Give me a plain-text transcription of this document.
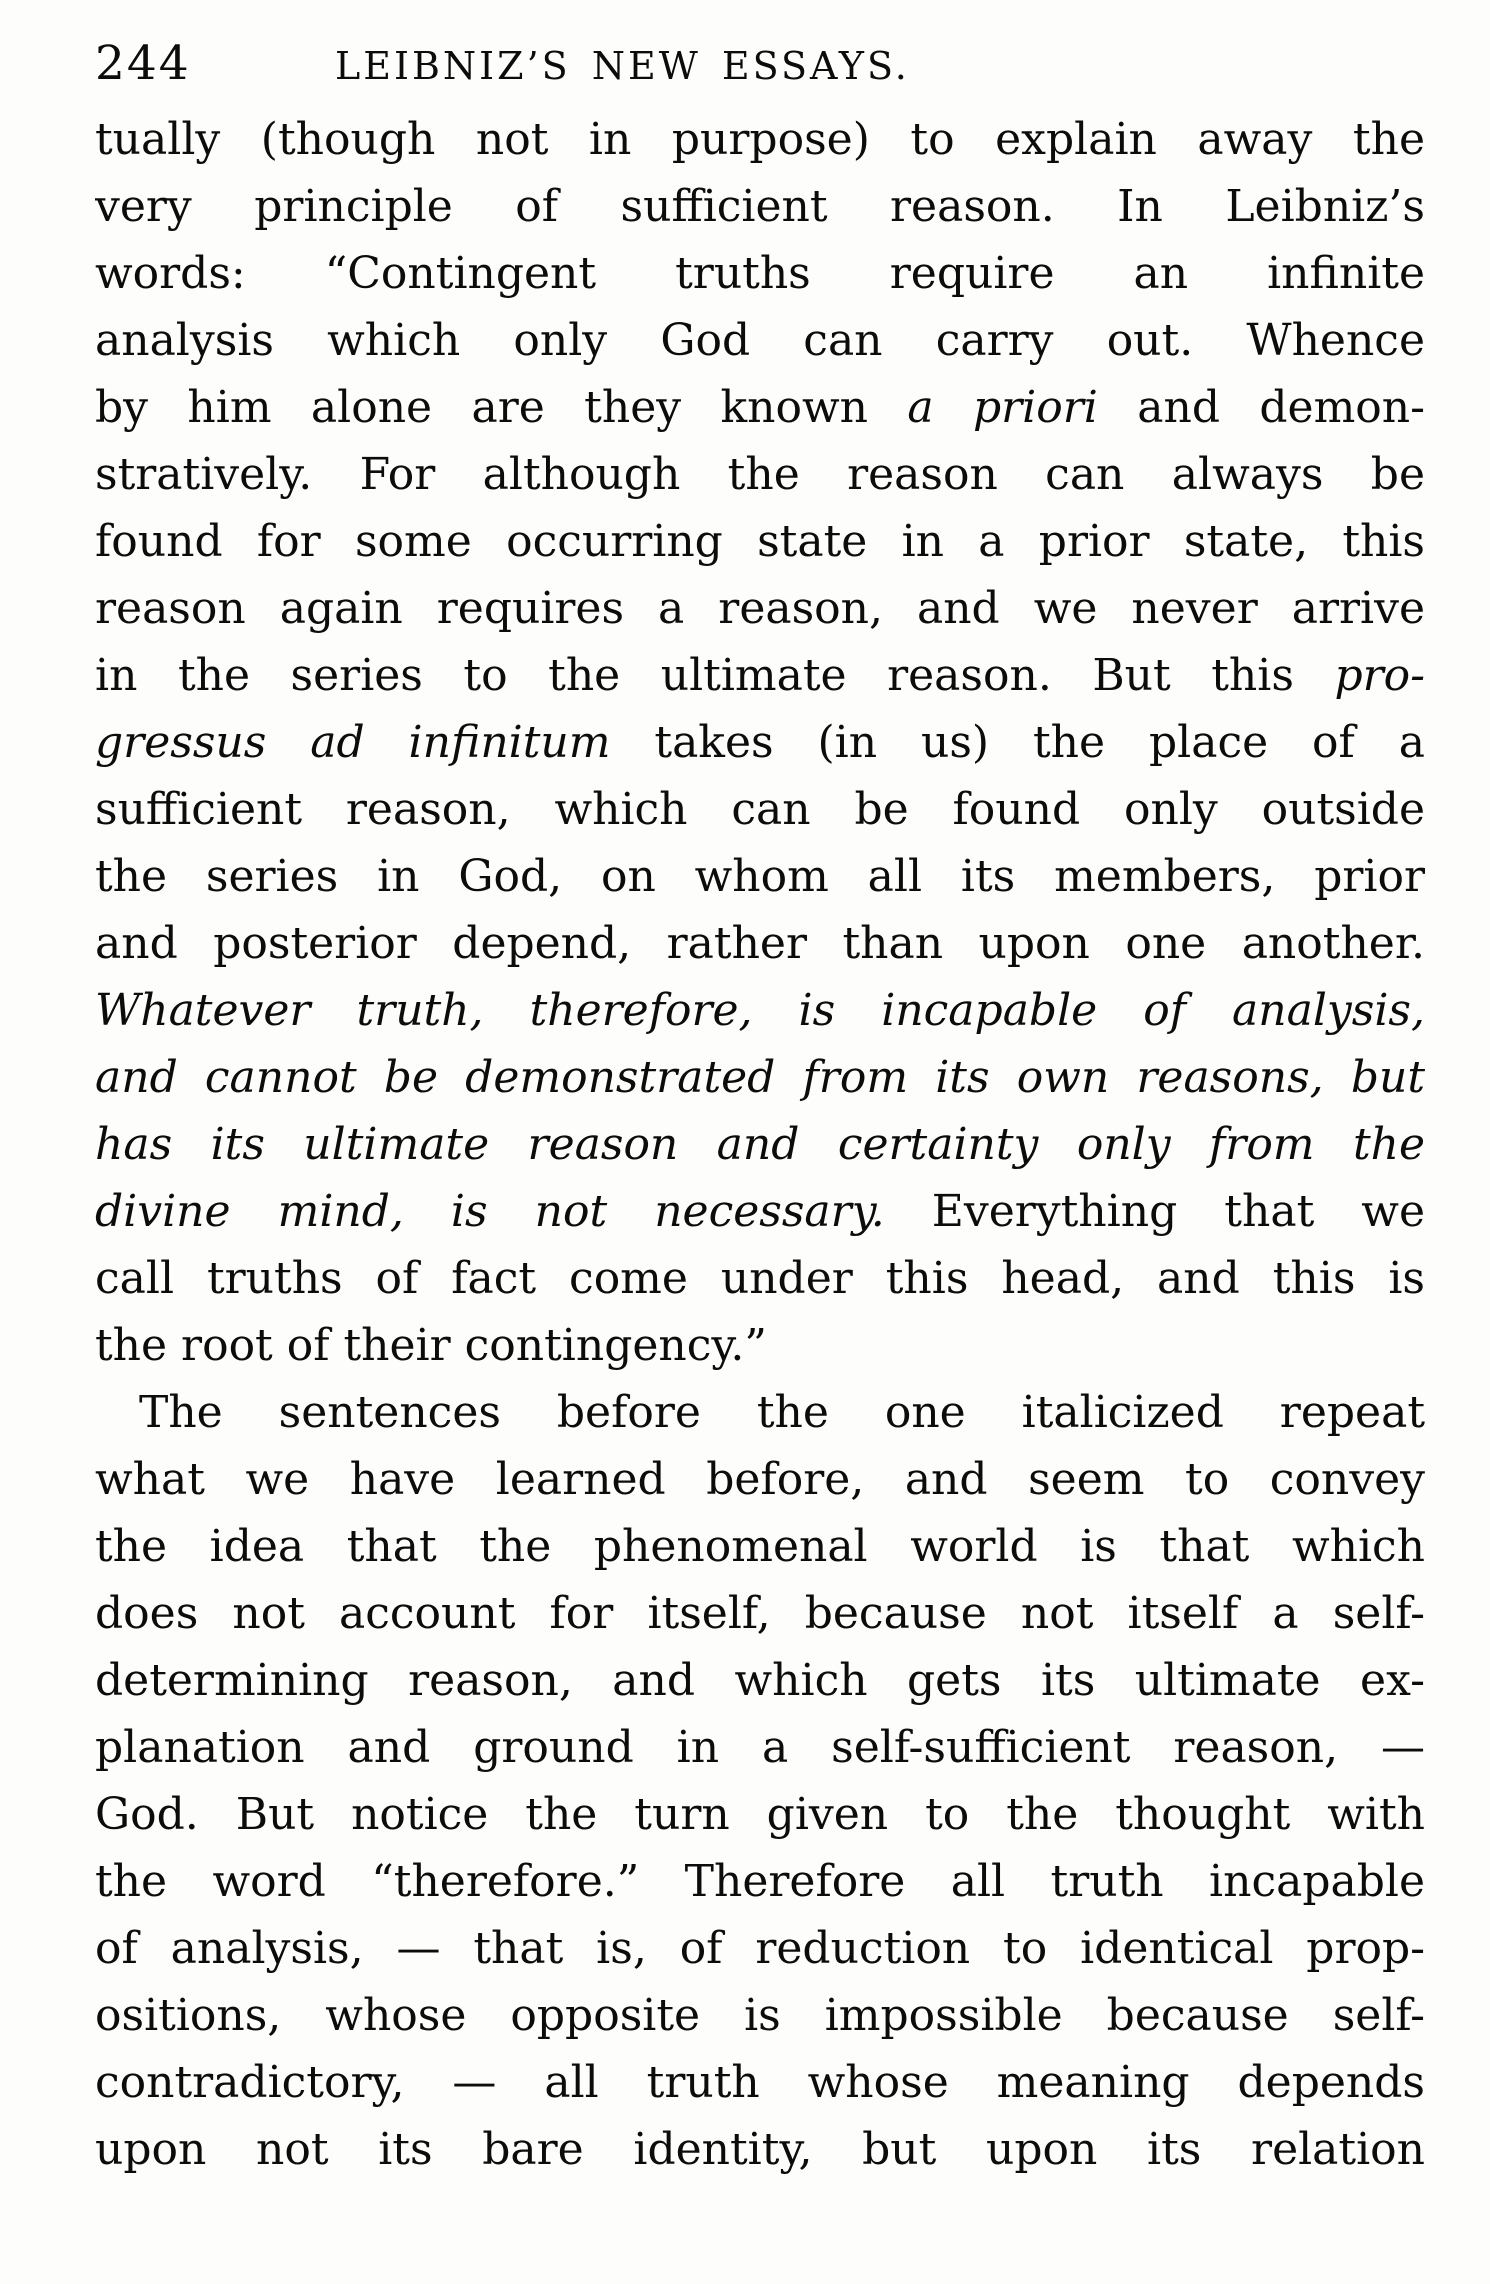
244	LEIBNIZ’S NEW ESSAYS.
tually (though not in purpose) to explain away the
very principle of sufficient reason. In Leibniz’s
words: “Contingent truths require an infinite
analysis which only God can carry out. Whence
by him alone are they known a priori and demon-
stratively. For although the reason can always be
found for some occurring state in a prior state, this
reason again requires a reason, and we never arrive
in the series to the ultimate reason. But this pro-
gressus ad infinitum takes (in us) the place of a
sufficient reason, which can be found only outside
the series in God, on whom all its members, prior
and posterior depend, rather than upon one another.
Whatever truth, therefore, is incapable of analysis,
and cannot be demonstrated from its own reasons, but
has its ultimate reason and certainty only from the
divine mind, is not necessary. Everything that we
call truths of fact come under this head, and this is
the root of their contingency.”
The sentences before the one italicized repeat
what we have learned before, and seem to convey
the idea that the phenomenal world is that which
does not account for itself, because not itself a self-
determining reason, and which gets its ultimate ex-
planation and ground in a self-sufficient reason, —
God. But notice the turn given to the thought with
the word “therefore.” Therefore all truth incapable
of analysis, — that is, of reduction to identical prop-
ositions, whose opposite is impossible because self-
contradictory, — all truth whose meaning depends
upon not its bare identity, but upon its relation
